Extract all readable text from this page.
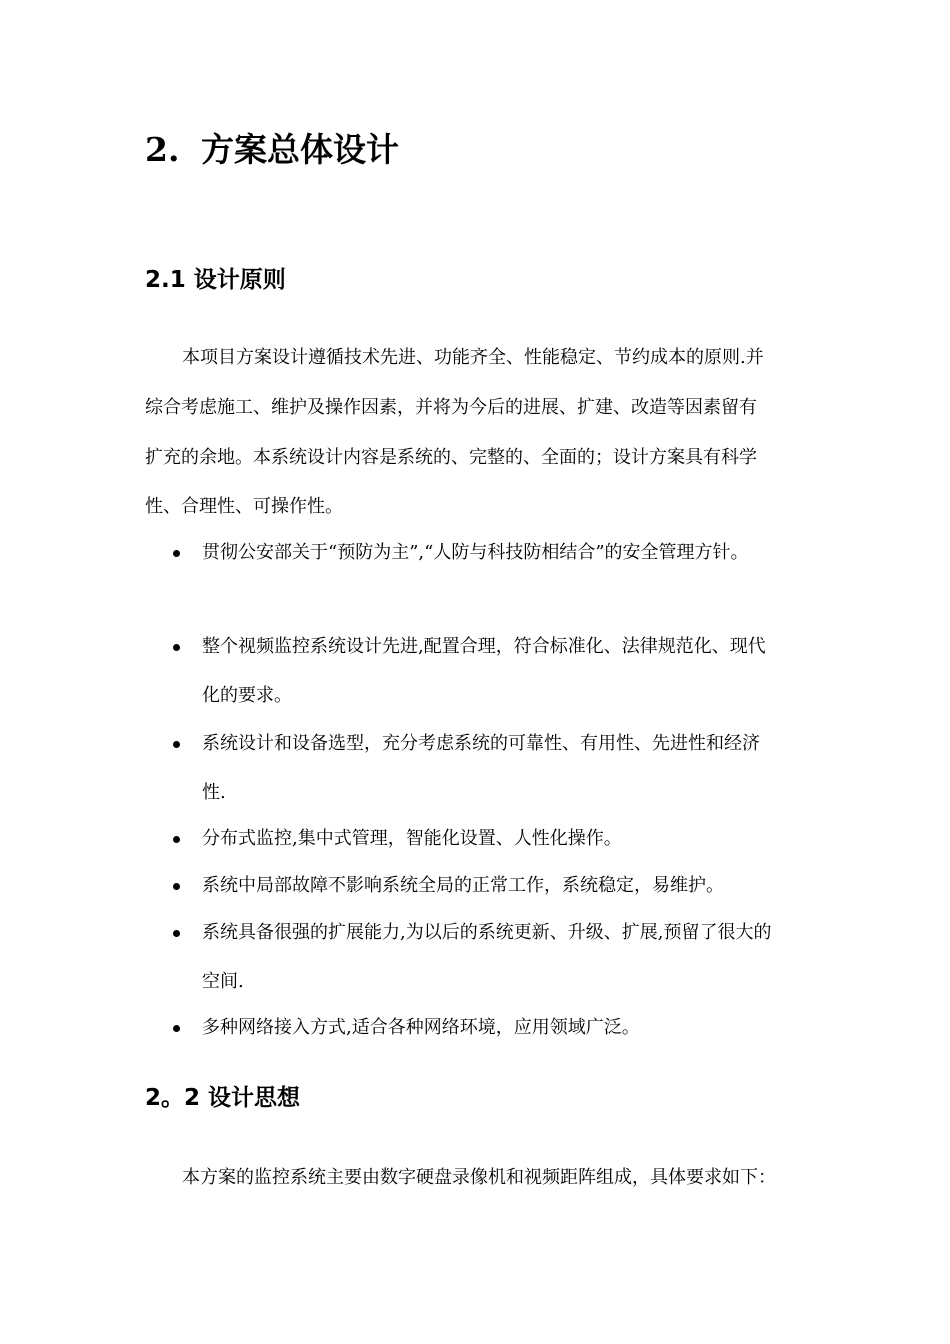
2. 方案总体设计
2.1 设计原则
本项目方案设计遵循技术先进、功能齐全、性能稳定、节约成本的原则.并
综合考虑施工、维护及操作因素，并将为今后的进展、扩建、改造等因素留有
扩充的余地。本系统设计内容是系统的、完整的、全面的；设计方案具有科学
性、合理性、可操作性。
贯彻公安部关于“预防为主”,“人防与科技防相结合”的安全管理方针。
整个视频监控系统设计先进,配置合理，符合标准化、法律规范化、现代
化的要求。
系统设计和设备选型，充分考虑系统的可靠性、有用性、先进性和经济
性.
分布式监控,集中式管理，智能化设置、人性化操作。
系统中局部故障不影响系统全局的正常工作，系统稳定，易维护。
系统具备很强的扩展能力,为以后的系统更新、升级、扩展,预留了很大的
空间.
多种网络接入方式,适合各种网络环境，应用领域广泛。
2。2 设计思想
本方案的监控系统主要由数字硬盘录像机和视频距阵组成，具体要求如下：
